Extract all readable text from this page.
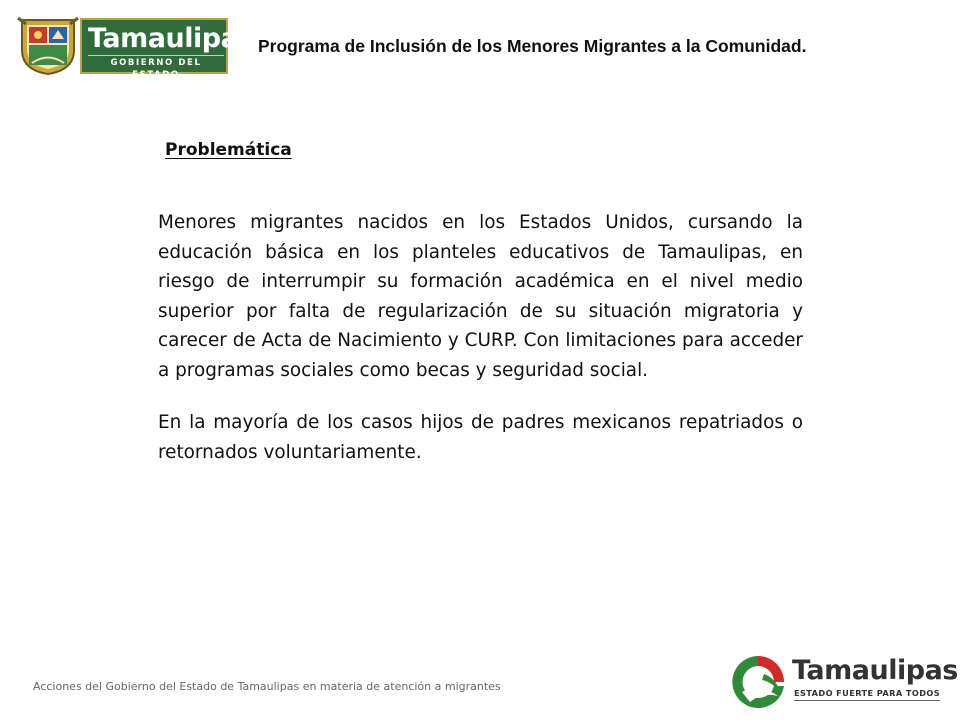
Tamaulipas
GOBIERNO DEL ESTADO
Programa de Inclusión de los Menores Migrantes a la Comunidad.
Problemática

Menores migrantes nacidos en los Estados Unidos, cursando la educación básica en los planteles educativos de Tamaulipas, en riesgo de interrumpir su formación académica en el nivel medio superior por falta de regularización de su situación migratoria y carecer de Acta de Nacimiento y CURP. Con limitaciones para acceder a programas sociales como becas y seguridad social.

En la mayoría de los casos hijos de padres mexicanos repatriados o retornados voluntariamente.

Acciones del Gobierno del Estado de Tamaulipas en materia de atención a migrantes
Tamaulipas
ESTADO FUERTE PARA TODOS
